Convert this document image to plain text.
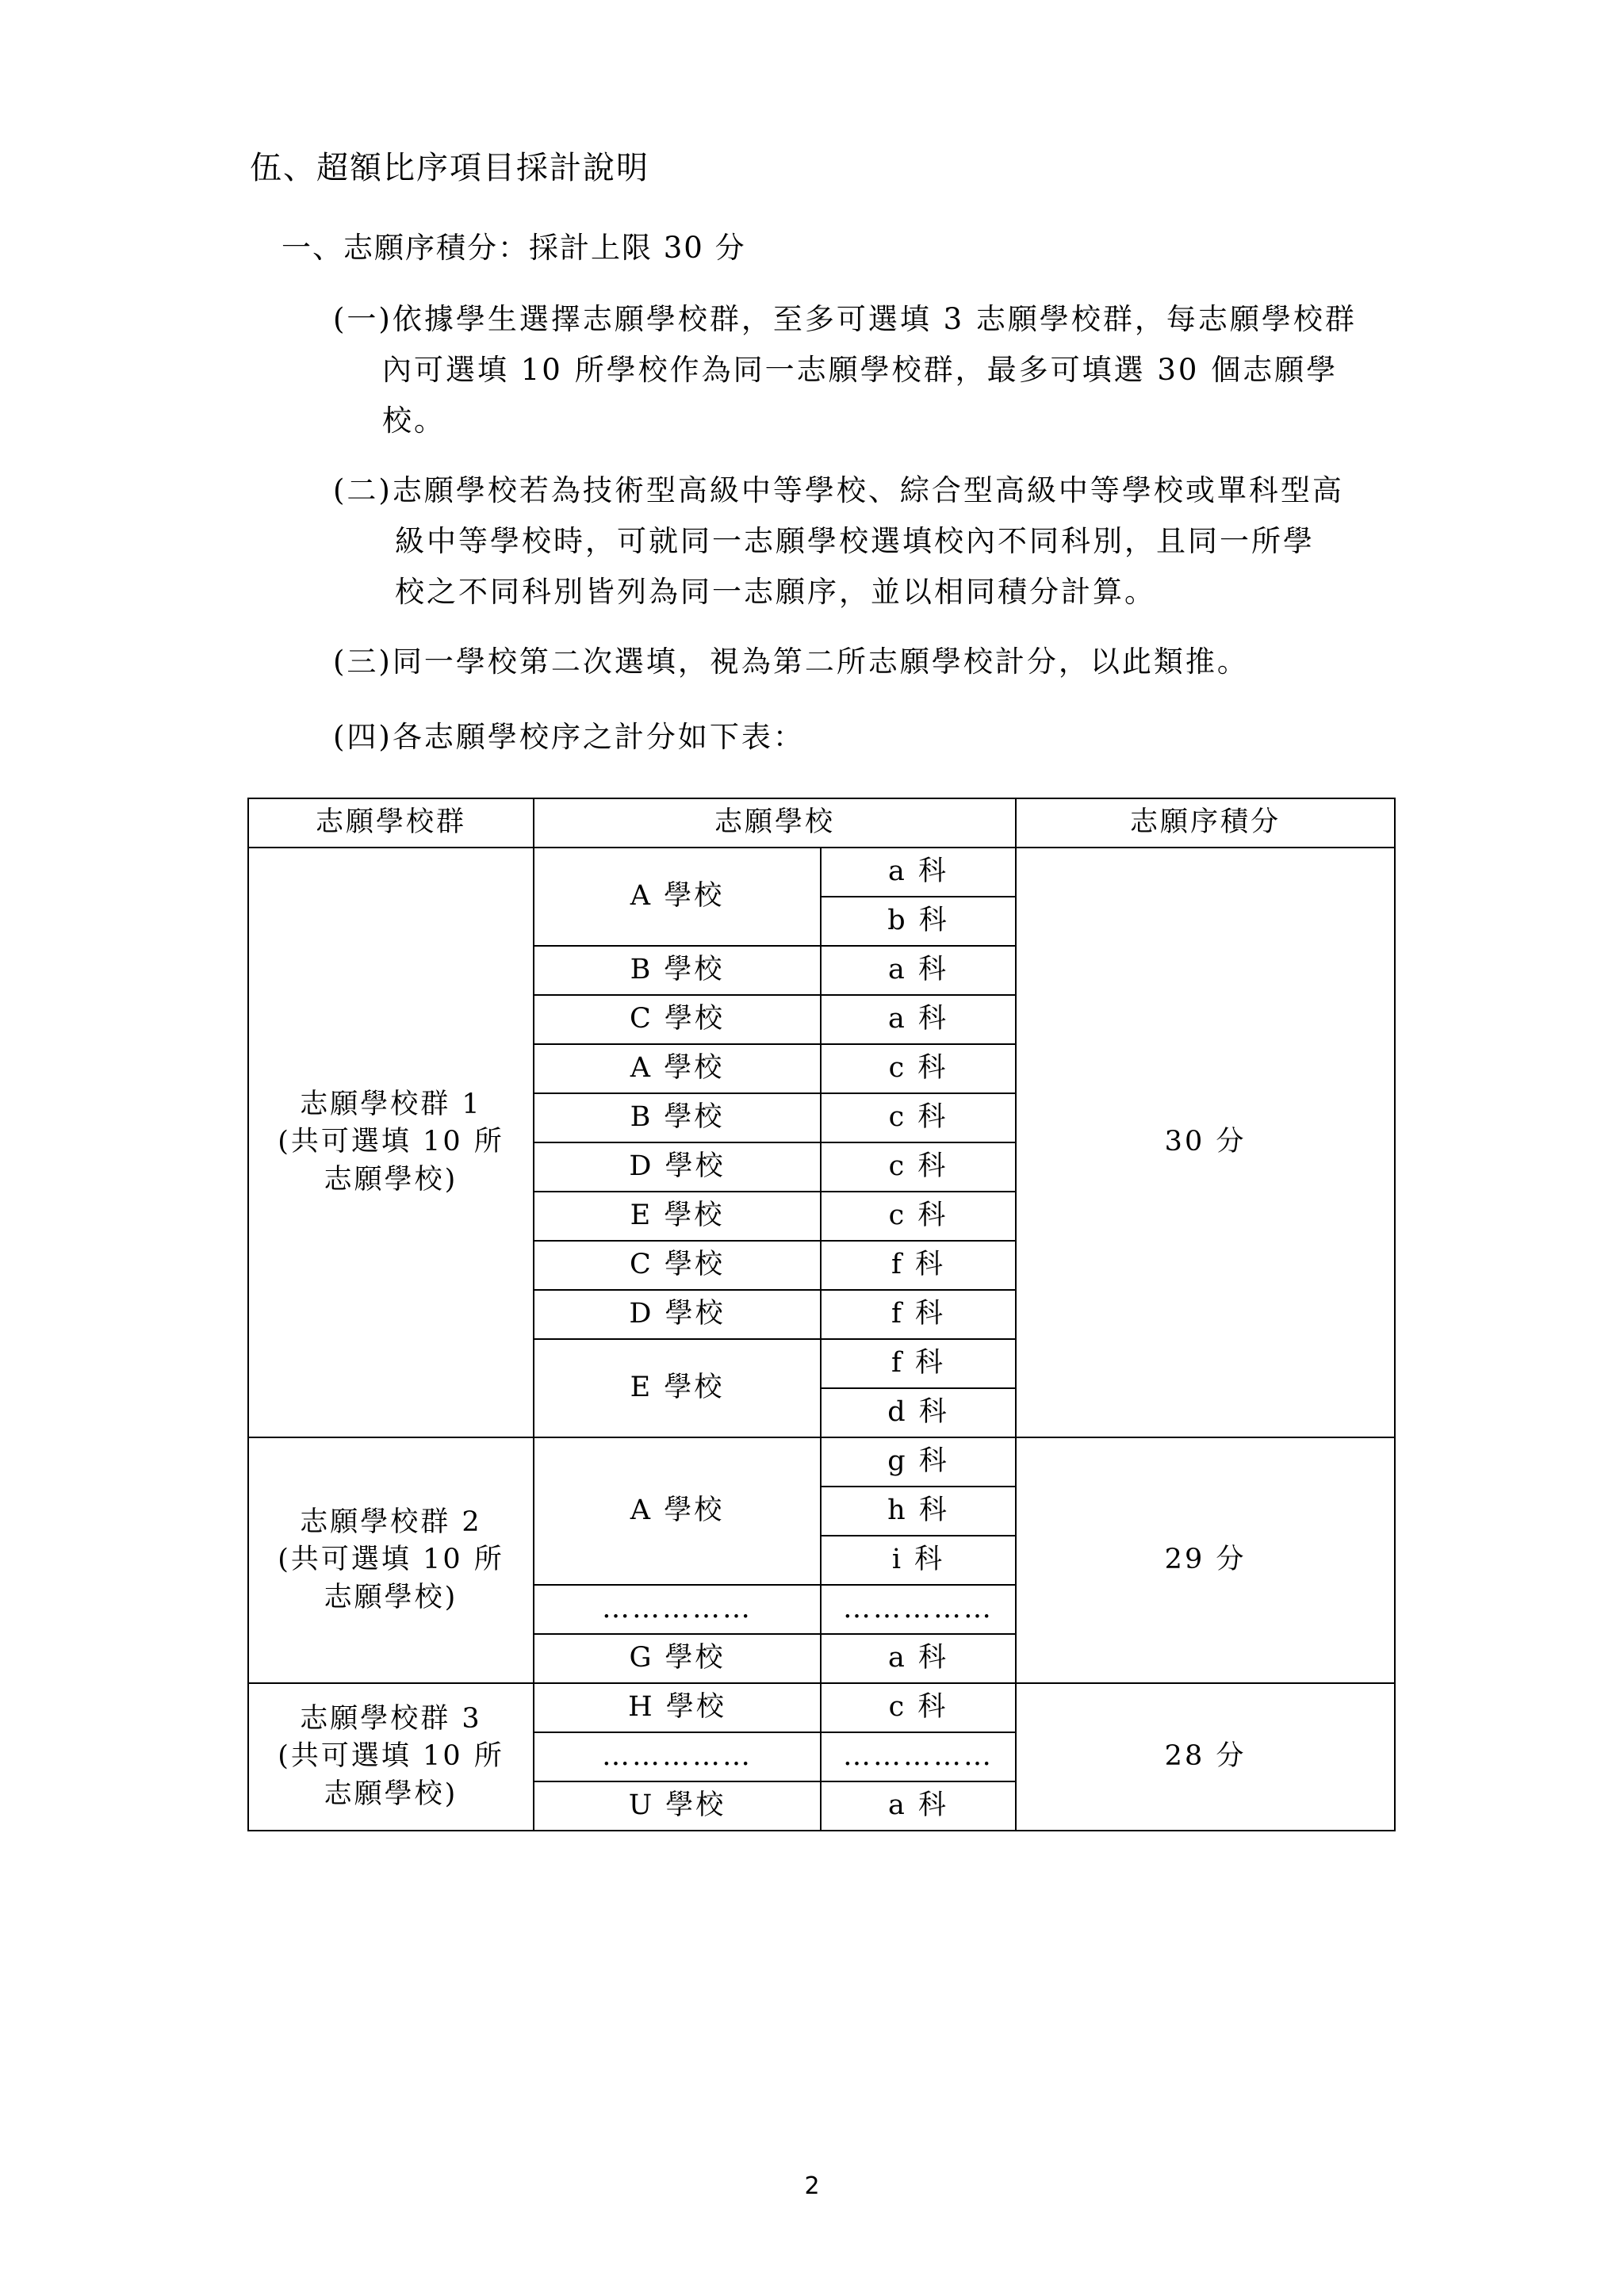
伍、超額比序項目採計說明

一、志願序積分：採計上限 30 分

(一)依據學生選擇志願學校群，至多可選填 3 志願學校群，每志願學校群
內可選填 10 所學校作為同一志願學校群，最多可填選 30 個志願學
校。
(二)志願學校若為技術型高級中等學校、綜合型高級中等學校或單科型高
級中等學校時，可就同一志願學校選填校內不同科別，且同一所學
校之不同科別皆列為同一志願序，並以相同積分計算。
(三)同一學校第二次選填，視為第二所志願學校計分，以此類推。
(四)各志願學校序之計分如下表：
志願學校群	志願學校		志願序積分

志願學校群 1
(共可選填 10 所
志願學校)	A 學校	a 科	30 分
		b 科	
	B 學校	a 科	
	C 學校	a 科	
	A 學校	c 科	
	B 學校	c 科	
	D 學校	c 科	
	E 學校	c 科	
	C 學校	f 科	
	D 學校	f 科	
	E 學校	f 科	
		d 科	

志願學校群 2
(共可選填 10 所
志願學校)	A 學校	g 科	29 分
		h 科	
		i 科	
	……………	……………	
	G 學校	a 科	

志願學校群 3
(共可選填 10 所
志願學校)	H 學校	c 科	28 分
	……………	……………	
	U 學校	a 科	
2
